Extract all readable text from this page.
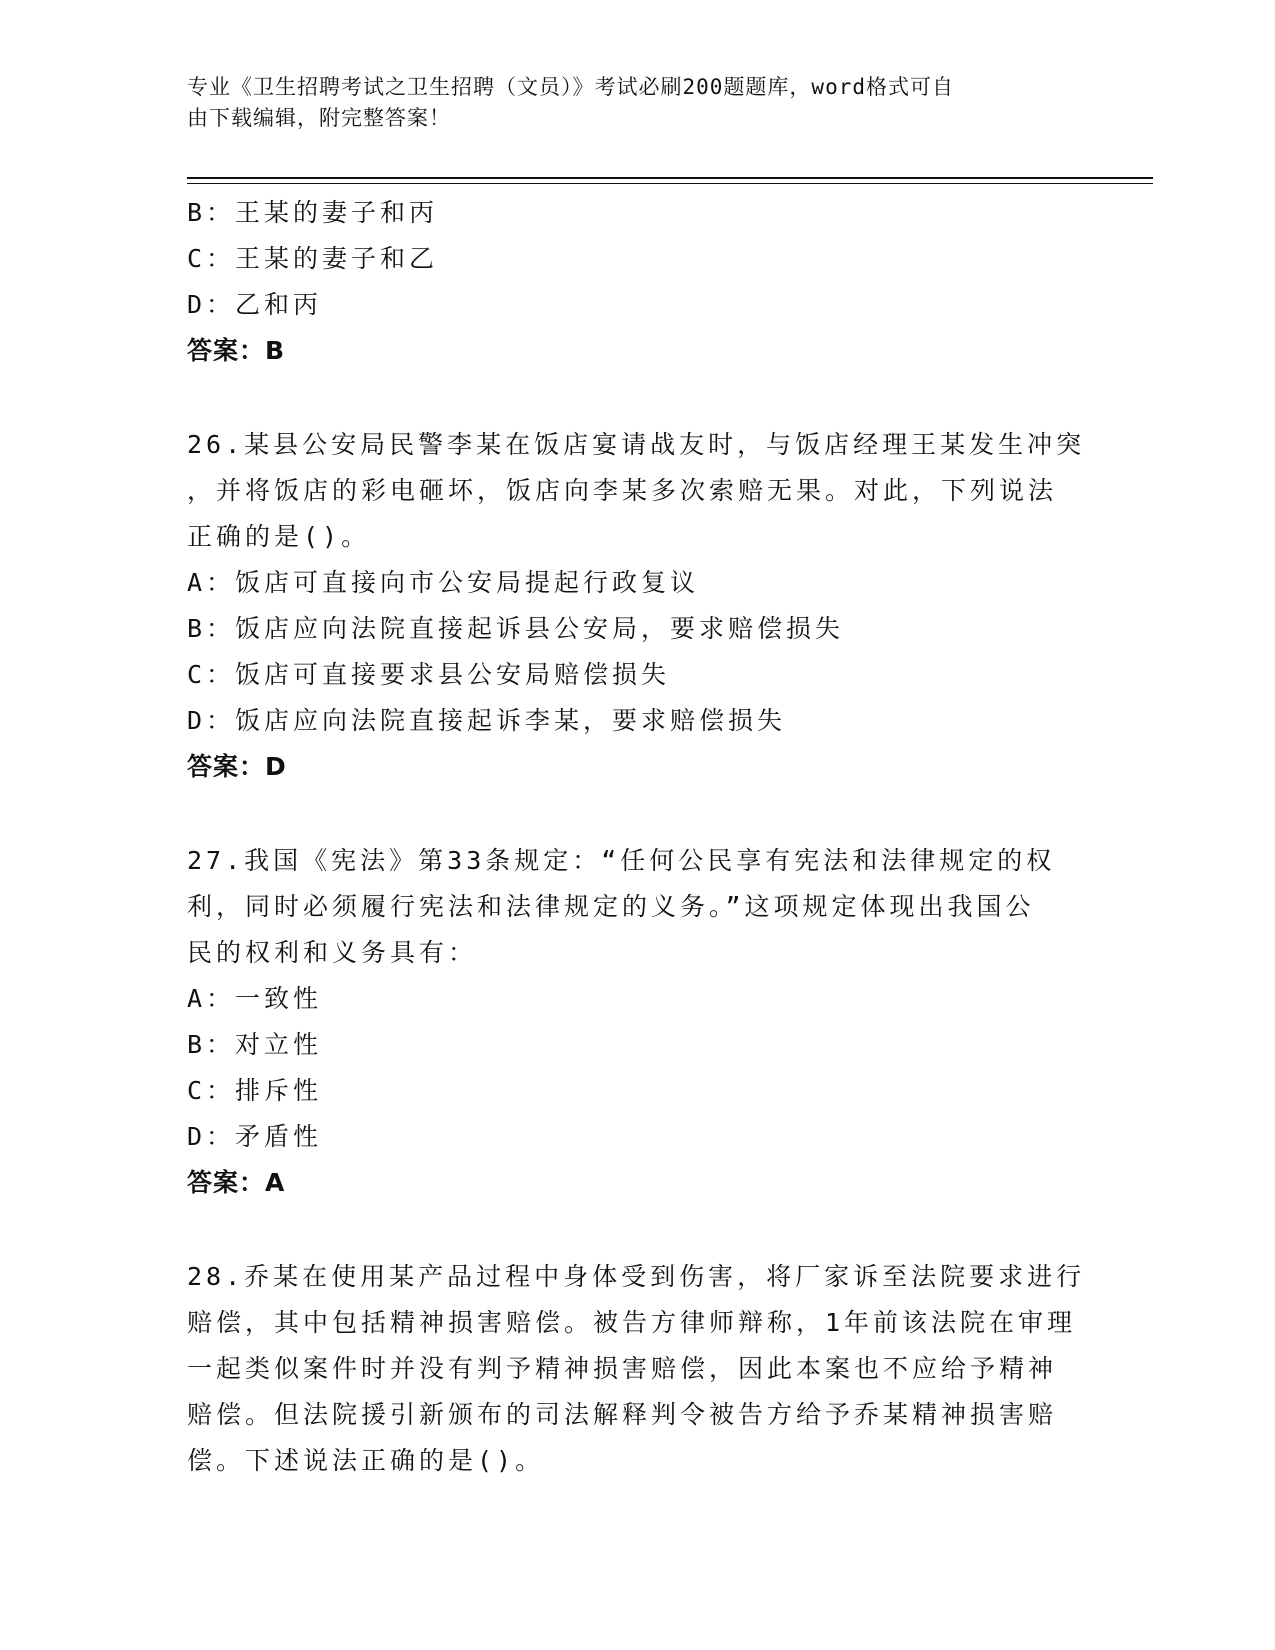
专业《卫生招聘考试之卫生招聘（文员）》考试必刷200题题库，word格式可自
由下载编辑，附完整答案！
B：王某的妻子和丙
C：王某的妻子和乙
D：乙和丙
答案：B
26.某县公安局民警李某在饭店宴请战友时，与饭店经理王某发生冲突
，并将饭店的彩电砸坏，饭店向李某多次索赔无果。对此，下列说法
正确的是()。
A：饭店可直接向市公安局提起行政复议
B：饭店应向法院直接起诉县公安局，要求赔偿损失
C：饭店可直接要求县公安局赔偿损失
D：饭店应向法院直接起诉李某，要求赔偿损失
答案：D
27.我国《宪法》第33条规定：“任何公民享有宪法和法律规定的权
利，同时必须履行宪法和法律规定的义务。”这项规定体现出我国公
民的权利和义务具有：
A：一致性
B：对立性
C：排斥性
D：矛盾性
答案：A
28.乔某在使用某产品过程中身体受到伤害，将厂家诉至法院要求进行
赔偿，其中包括精神损害赔偿。被告方律师辩称，1年前该法院在审理
一起类似案件时并没有判予精神损害赔偿，因此本案也不应给予精神
赔偿。但法院援引新颁布的司法解释判令被告方给予乔某精神损害赔
偿。下述说法正确的是()。
